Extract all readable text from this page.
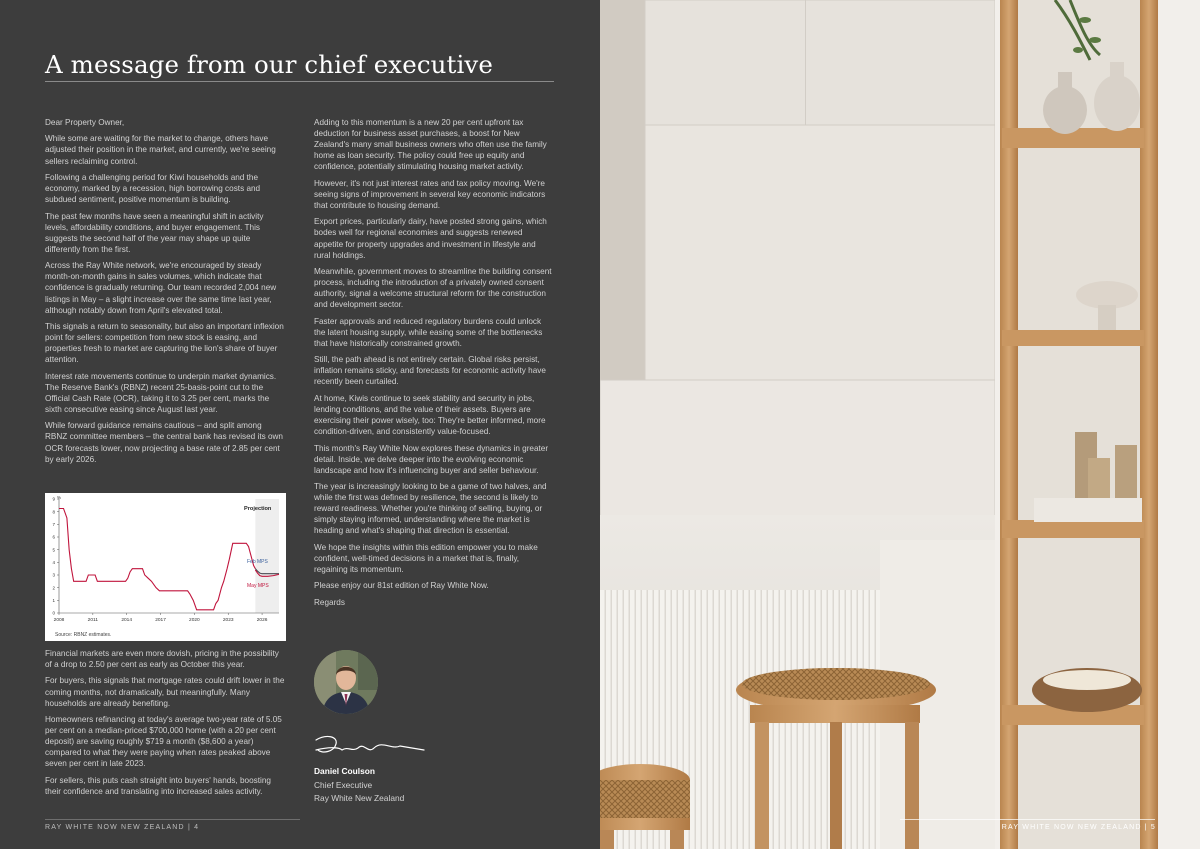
A message from our chief executive

Dear Property Owner,

While some are waiting for the market to change, others have adjusted their position in the market, and currently, we're seeing sellers reclaiming control.

Following a challenging period for Kiwi households and the economy, marked by a recession, high borrowing costs and subdued sentiment, positive momentum is building.

The past few months have seen a meaningful shift in activity levels, affordability conditions, and buyer engagement. This suggests the second half of the year may shape up quite differently from the first.

Across the Ray White network, we're encouraged by steady month-on-month gains in sales volumes, which indicate that confidence is gradually returning. Our team recorded 2,004 new listings in May – a slight increase over the same time last year, although notably down from April's elevated total.

This signals a return to seasonality, but also an important inflexion point for sellers: competition from new stock is easing, and properties fresh to market are capturing the lion's share of buyer attention.

Interest rate movements continue to underpin market dynamics. The Reserve Bank's (RBNZ) recent 25-basis-point cut to the Official Cash Rate (OCR), taking it to 3.25 per cent, marks the sixth consecutive easing since August last year.

While forward guidance remains cautious – and split among RBNZ committee members – the central bank has revised its own OCR forecasts lower, now projecting a base rate of 2.85 per cent by early 2026.

0
1
2
3
4
5
6
7
8
9
2008	2011	2014	2017	2020	2023	2026
Projection
%
Feb MPS
May MPS
Source: RBNZ estimates.

Financial markets are even more dovish, pricing in the possibility of a drop to 2.50 per cent as early as October this year.

For buyers, this signals that mortgage rates could drift lower in the coming months, not dramatically, but meaningfully. Many households are already benefiting.

Homeowners refinancing at today's average two-year rate of 5.05 per cent on a median-priced $700,000 home (with a 20 per cent deposit) are saving roughly $719 a month ($8,600 a year) compared to what they were paying when rates peaked above seven per cent in late 2023.

For sellers, this puts cash straight into buyers' hands, boosting their confidence and translating into increased sales activity.

Adding to this momentum is a new 20 per cent upfront tax deduction for business asset purchases, a boost for New Zealand's many small business owners who often use the family home as loan security. The policy could free up equity and confidence, potentially stimulating housing market activity.

However, it's not just interest rates and tax policy moving. We're seeing signs of improvement in several key economic indicators that contribute to housing demand.

Export prices, particularly dairy, have posted strong gains, which bodes well for regional economies and suggests renewed appetite for property upgrades and investment in lifestyle and rural holdings.

Meanwhile, government moves to streamline the building consent process, including the introduction of a privately owned consent authority, signal a welcome structural reform for the construction and development sector.

Faster approvals and reduced regulatory burdens could unlock the latent housing supply, while easing some of the bottlenecks that have historically constrained growth.

Still, the path ahead is not entirely certain. Global risks persist, inflation remains sticky, and forecasts for economic activity have recently been curtailed.

At home, Kiwis continue to seek stability and security in jobs, lending conditions, and the value of their assets. Buyers are exercising their power wisely, too: They're better informed, more condition-driven, and consistently value-focused.

This month's Ray White Now explores these dynamics in greater detail. Inside, we delve deeper into the evolving economic landscape and how it's influencing buyer and seller behaviour.

The year is increasingly looking to be a game of two halves, and while the first was defined by resilience, the second is likely to reward readiness. Whether you're thinking of selling, buying, or simply staying informed, understanding where the market is heading and what's shaping that direction is essential.

We hope the insights within this edition empower you to make confident, well-timed decisions in a market that is, finally, regaining its momentum.

Please enjoy our 81st edition of Ray White Now.

Regards

Daniel Coulson
Chief Executive
Ray White New Zealand
RAY WHITE NOW NEW ZEALAND | 4	RAY WHITE NOW NEW ZEALAND | 5
